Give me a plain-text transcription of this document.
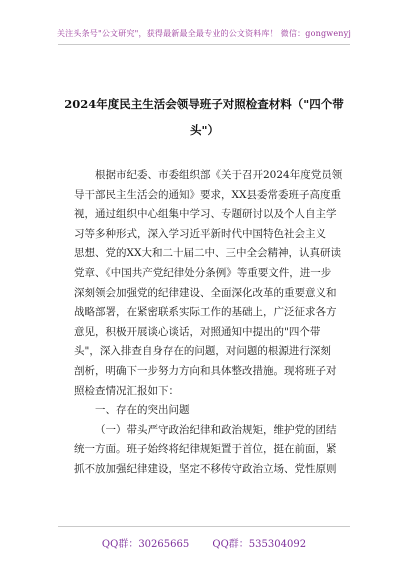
关注头条号"公文研究"，获得最新最全最专业的公文资料库！ 微信：gongwenyj
2024年度民主生活会领导班子对照检查材料（"四个带
头"）

根据市纪委、市委组织部《关于召开2024年度党员领
导干部民主生活会的通知》要求，XX县委常委班子高度重
视，通过组织中心组集中学习、专题研讨以及个人自主学
习等多种形式，深入学习近平新时代中国特色社会主义
思想、党的XX大和二十届二中、三中全会精神，认真研读
党章、《中国共产党纪律处分条例》等重要文件，进一步
深刻领会加强党的纪律建设、全面深化改革的重要意义和
战略部署，在紧密联系实际工作的基础上，广泛征求各方
意见，积极开展谈心谈话，对照通知中提出的"四个带
头"，深入排查自身存在的问题，对问题的根源进行深刻
剖析，明确下一步努力方向和具体整改措施。现将班子对
照检查情况汇报如下：

一、存在的突出问题

（一）带头严守政治纪律和政治规矩，维护党的团结
统一方面。班子始终将纪律规矩置于首位，挺在前面，紧
抓不放加强纪律建设，坚定不移传守政治立场、党性原则

QQ群：30265665 QQ群：535304092
